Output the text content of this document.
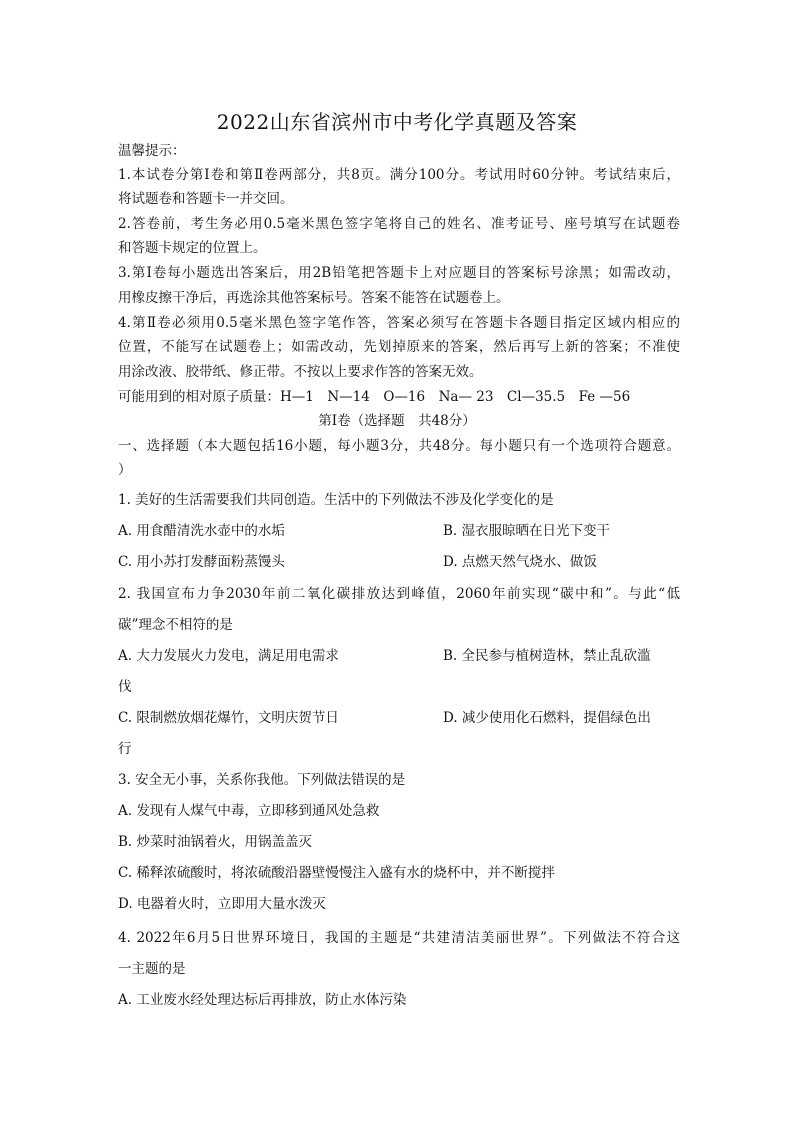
2022山东省滨州市中考化学真题及答案
温馨提示：
1.本试卷分第Ⅰ卷和第Ⅱ卷两部分，共8页。满分100分。考试用时60分钟。考试结束后，
将试题卷和答题卡一并交回。
2.答卷前，考生务必用0.5毫米黑色签字笔将自己的姓名、准考证号、座号填写在试题卷
和答题卡规定的位置上。
3.第Ⅰ卷每小题选出答案后，用2B铅笔把答题卡上对应题目的答案标号涂黑；如需改动，
用橡皮擦干净后，再选涂其他答案标号。答案不能答在试题卷上。
4.第Ⅱ卷必须用0.5毫米黑色签字笔作答，答案必须写在答题卡各题目指定区域内相应的
位置，不能写在试题卷上；如需改动，先划掉原来的答案，然后再写上新的答案；不准使
用涂改液、胶带纸、修正带。不按以上要求作答的答案无效。
可能用到的相对原子质量：H—1　N—14　O—16　Na— 23　Cl—35.5　Fe —56
第Ⅰ卷（选择题　共48分）
一、选择题（本大题包括16小题，每小题3分，共48分。每小题只有一个选项符合题意。
）
1. 美好的生活需要我们共同创造。生活中的下列做法不涉及化学变化的是
A. 用食醋清洗水壶中的水垢	B. 湿衣服晾晒在日光下变干
C. 用小苏打发酵面粉蒸馒头	D. 点燃天然气烧水、做饭
2. 我国宣布力争2030年前二氧化碳排放达到峰值，2060年前实现“碳中和”。与此“低
碳”理念不相符的是
A. 大力发展火力发电，满足用电需求	B. 全民参与植树造林，禁止乱砍滥
伐
C. 限制燃放烟花爆竹，文明庆贺节日	D. 减少使用化石燃料，提倡绿色出
行
3. 安全无小事，关系你我他。下列做法错误的是
A. 发现有人煤气中毒，立即移到通风处急救
B. 炒菜时油锅着火，用锅盖盖灭
C. 稀释浓硫酸时，将浓硫酸沿器壁慢慢注入盛有水的烧杯中，并不断搅拌
D. 电器着火时，立即用大量水泼灭
4. 2022年6月5日世界环境日，我国的主题是“共建清洁美丽世界”。下列做法不符合这
一主题的是
A. 工业废水经处理达标后再排放，防止水体污染
